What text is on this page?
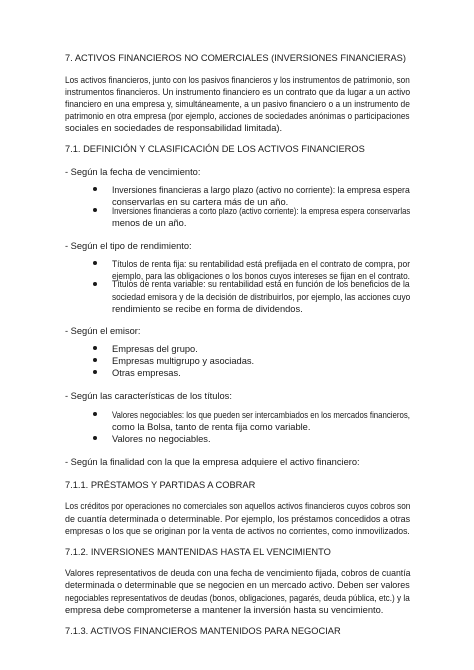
7. ACTIVOS FINANCIEROS NO COMERCIALES (INVERSIONES FINANCIERAS)
Los activos financieros, junto con los pasivos financieros y los instrumentos de patrimonio, son
instrumentos financieros. Un instrumento financiero es un contrato que da lugar a un activo
financiero en una empresa y, simultáneamente, a un pasivo financiero o a un instrumento de
patrimonio en otra empresa (por ejemplo, acciones de sociedades anónimas o participaciones
sociales en sociedades de responsabilidad limitada).
7.1. DEFINICIÓN Y CLASIFICACIÓN DE LOS ACTIVOS FINANCIEROS
- Según la fecha de vencimiento:
Inversiones financieras a largo plazo (activo no corriente): la empresa espera
conservarlas en su cartera más de un año.
Inversiones financieras a corto plazo (activo corriente): la empresa espera conservarlas
menos de un año.
- Según el tipo de rendimiento:
Títulos de renta fija: su rentabilidad está prefijada en el contrato de compra, por
ejemplo, para las obligaciones o los bonos cuyos intereses se fijan en el contrato.
Títulos de renta variable: su rentabilidad está en función de los beneficios de la
sociedad emisora y de la decisión de distribuirlos, por ejemplo, las acciones cuyo
rendimiento se recibe en forma de dividendos.
- Según el emisor:
Empresas del grupo.
Empresas multigrupo y asociadas.
Otras empresas.
- Según las características de los títulos:
Valores negociables: los que pueden ser intercambiados en los mercados financieros,
como la Bolsa, tanto de renta fija como variable.
Valores no negociables.
- Según la finalidad con la que la empresa adquiere el activo financiero:
7.1.1. PRÉSTAMOS Y PARTIDAS A COBRAR
Los créditos por operaciones no comerciales son aquellos activos financieros cuyos cobros son
de cuantía determinada o determinable. Por ejemplo, los préstamos concedidos a otras
empresas o los que se originan por la venta de activos no corrientes, como inmovilizados.
7.1.2. INVERSIONES MANTENIDAS HASTA EL VENCIMIENTO
Valores representativos de deuda con una fecha de vencimiento fijada, cobros de cuantía
determinada o determinable que se negocien en un mercado activo. Deben ser valores
negociables representativos de deudas (bonos, obligaciones, pagarés, deuda pública, etc.) y la
empresa debe comprometerse a mantener la inversión hasta su vencimiento.
7.1.3. ACTIVOS FINANCIEROS MANTENIDOS PARA NEGOCIAR
